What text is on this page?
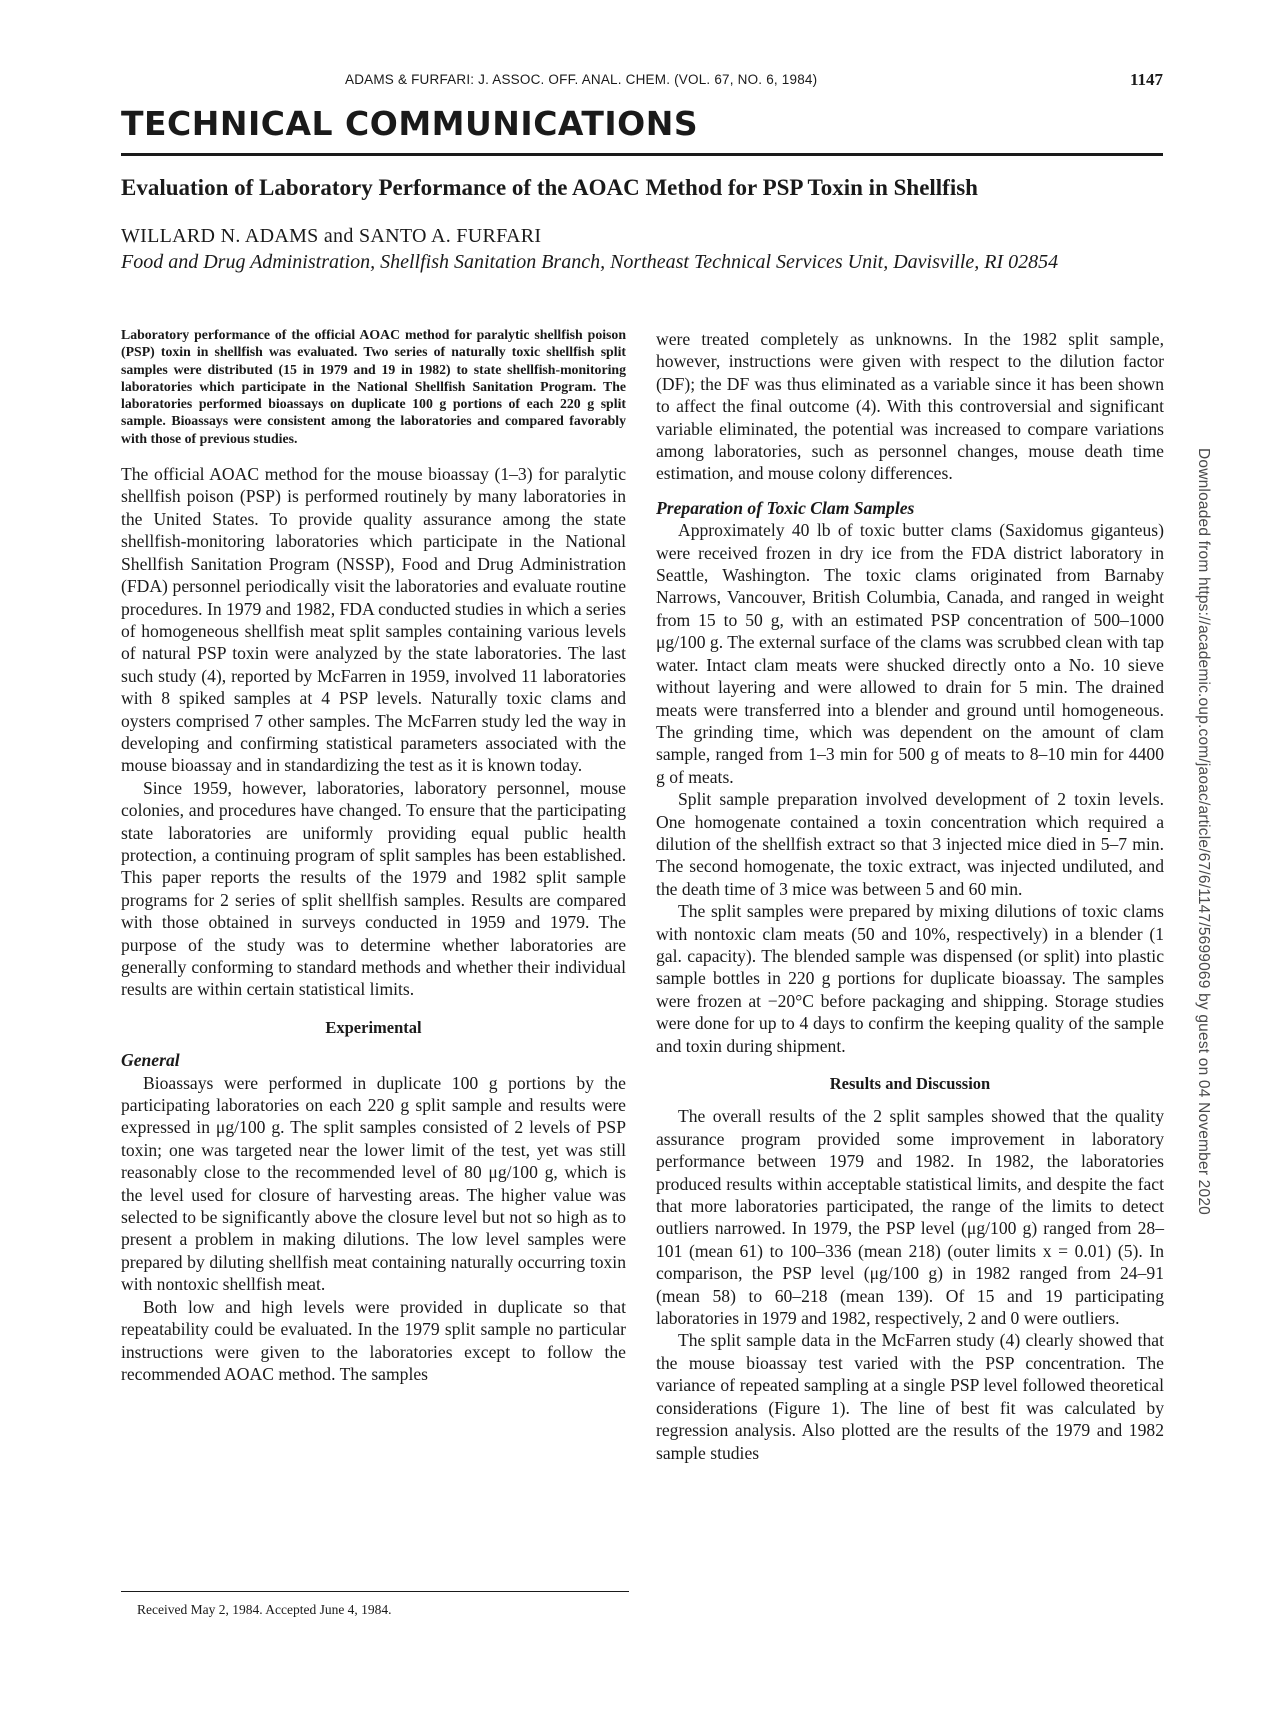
ADAMS & FURFARI: J. ASSOC. OFF. ANAL. CHEM. (VOL. 67, NO. 6, 1984)	1147
TECHNICAL COMMUNICATIONS
Evaluation of Laboratory Performance of the AOAC Method for PSP Toxin in Shellfish
WILLARD N. ADAMS and SANTO A. FURFARI
Food and Drug Administration, Shellfish Sanitation Branch, Northeast Technical Services Unit, Davisville, RI 02854

Laboratory performance of the official AOAC method for paralytic shellfish poison (PSP) toxin in shellfish was evaluated. Two series of naturally toxic shellfish split samples were distributed (15 in 1979 and 19 in 1982) to state shellfish-monitoring laboratories which participate in the National Shellfish Sanitation Program. The laboratories performed bioassays on duplicate 100 g portions of each 220 g split sample. Bioassays were consistent among the laboratories and compared favorably with those of previous studies.

The official AOAC method for the mouse bioassay (1–3) for paralytic shellfish poison (PSP) is performed routinely by many laboratories in the United States. To provide quality assurance among the state shellfish-monitoring laboratories which participate in the National Shellfish Sanitation Program (NSSP), Food and Drug Administration (FDA) personnel periodically visit the laboratories and evaluate routine procedures. In 1979 and 1982, FDA conducted studies in which a series of homogeneous shellfish meat split samples containing various levels of natural PSP toxin were analyzed by the state laboratories. The last such study (4), reported by McFarren in 1959, involved 11 laboratories with 8 spiked samples at 4 PSP levels. Naturally toxic clams and oysters comprised 7 other samples. The McFarren study led the way in developing and confirming statistical parameters associated with the mouse bioassay and in standardizing the test as it is known today.

Since 1959, however, laboratories, laboratory personnel, mouse colonies, and procedures have changed. To ensure that the participating state laboratories are uniformly providing equal public health protection, a continuing program of split samples has been established. This paper reports the results of the 1979 and 1982 split sample programs for 2 series of split shellfish samples. Results are compared with those obtained in surveys conducted in 1959 and 1979. The purpose of the study was to determine whether laboratories are generally conforming to standard methods and whether their individual results are within certain statistical limits.

Experimental
General

Bioassays were performed in duplicate 100 g portions by the participating laboratories on each 220 g split sample and results were expressed in μg/100 g. The split samples consisted of 2 levels of PSP toxin; one was targeted near the lower limit of the test, yet was still reasonably close to the recommended level of 80 μg/100 g, which is the level used for closure of harvesting areas. The higher value was selected to be significantly above the closure level but not so high as to present a problem in making dilutions. The low level samples were prepared by diluting shellfish meat containing naturally occurring toxin with nontoxic shellfish meat.

Both low and high levels were provided in duplicate so that repeatability could be evaluated. In the 1979 split sample no particular instructions were given to the laboratories except to follow the recommended AOAC method. The samples

were treated completely as unknowns. In the 1982 split sample, however, instructions were given with respect to the dilution factor (DF); the DF was thus eliminated as a variable since it has been shown to affect the final outcome (4). With this controversial and significant variable eliminated, the potential was increased to compare variations among laboratories, such as personnel changes, mouse death time estimation, and mouse colony differences.

Preparation of Toxic Clam Samples

Approximately 40 lb of toxic butter clams (Saxidomus giganteus) were received frozen in dry ice from the FDA district laboratory in Seattle, Washington. The toxic clams originated from Barnaby Narrows, Vancouver, British Columbia, Canada, and ranged in weight from 15 to 50 g, with an estimated PSP concentration of 500–1000 μg/100 g. The external surface of the clams was scrubbed clean with tap water. Intact clam meats were shucked directly onto a No. 10 sieve without layering and were allowed to drain for 5 min. The drained meats were transferred into a blender and ground until homogeneous. The grinding time, which was dependent on the amount of clam sample, ranged from 1–3 min for 500 g of meats to 8–10 min for 4400 g of meats.

Split sample preparation involved development of 2 toxin levels. One homogenate contained a toxin concentration which required a dilution of the shellfish extract so that 3 injected mice died in 5–7 min. The second homogenate, the toxic extract, was injected undiluted, and the death time of 3 mice was between 5 and 60 min.

The split samples were prepared by mixing dilutions of toxic clams with nontoxic clam meats (50 and 10%, respectively) in a blender (1 gal. capacity). The blended sample was dispensed (or split) into plastic sample bottles in 220 g portions for duplicate bioassay. The samples were frozen at −20°C before packaging and shipping. Storage studies were done for up to 4 days to confirm the keeping quality of the sample and toxin during shipment.

Results and Discussion

The overall results of the 2 split samples showed that the quality assurance program provided some improvement in laboratory performance between 1979 and 1982. In 1982, the laboratories produced results within acceptable statistical limits, and despite the fact that more laboratories participated, the range of the limits to detect outliers narrowed. In 1979, the PSP level (μg/100 g) ranged from 28–101 (mean 61) to 100–336 (mean 218) (outer limits x = 0.01) (5). In comparison, the PSP level (μg/100 g) in 1982 ranged from 24–91 (mean 58) to 60–218 (mean 139). Of 15 and 19 participating laboratories in 1979 and 1982, respectively, 2 and 0 were outliers.

The split sample data in the McFarren study (4) clearly showed that the mouse bioassay test varied with the PSP concentration. The variance of repeated sampling at a single PSP level followed theoretical considerations (Figure 1). The line of best fit was calculated by regression analysis. Also plotted are the results of the 1979 and 1982 sample studies

Received May 2, 1984. Accepted June 4, 1984.
Downloaded from https://academic.oup.com/jaoac/article/67/6/1147/5699069 by guest on 04 November 2020
